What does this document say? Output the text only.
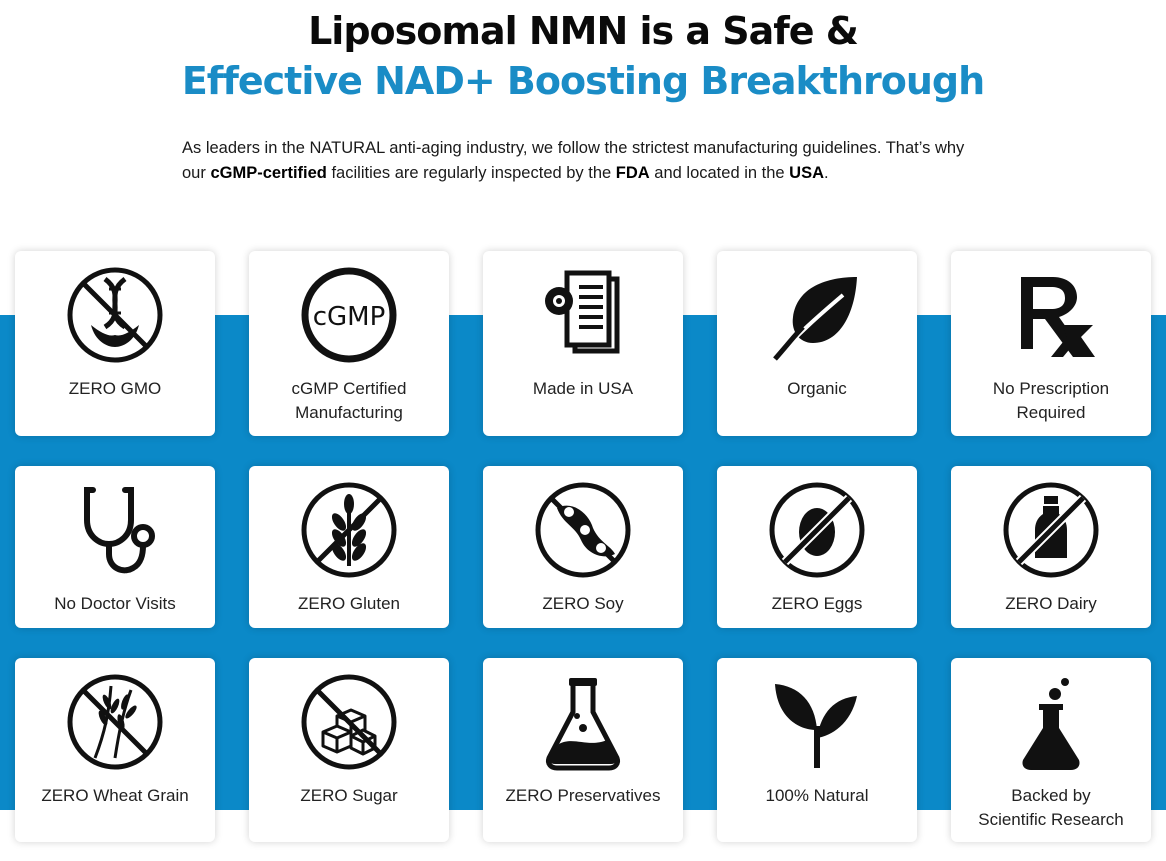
Liposomal NMN is a Safe &
Effective NAD+ Boosting Breakthrough

As leaders in the NATURAL anti-aging industry, we follow the strictest manufacturing guidelines. That’s why our cGMP-certified facilities are regularly inspected by the FDA and located in the USA.

ZERO GMO
cGMP
cGMP Certified
Manufacturing
Made in USA	Organic	No Prescription
Required
No Doctor Visits	ZERO Gluten	ZERO Soy	ZERO Eggs	ZERO Dairy
ZERO Wheat Grain	ZERO Sugar	ZERO Preservatives	100% Natural	Backed by
Scientific Research
